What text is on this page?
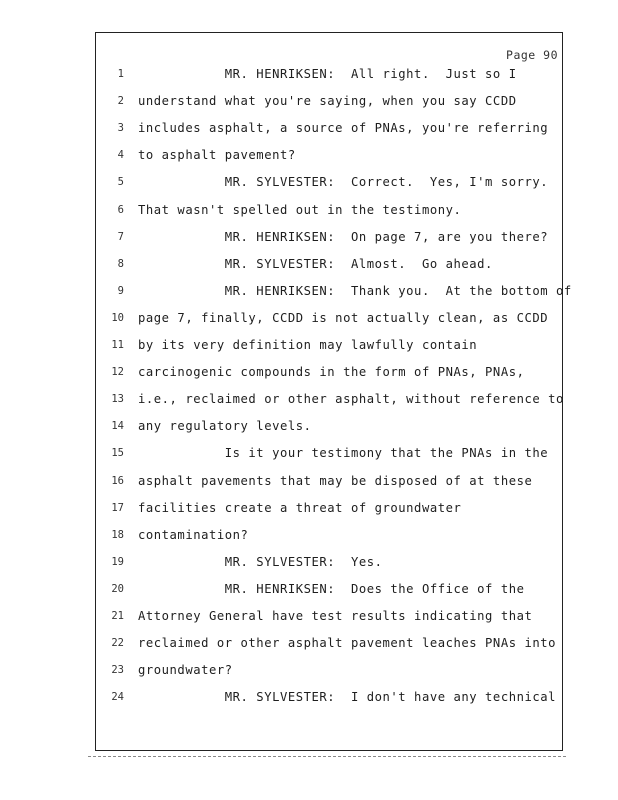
Page 90
1 MR. HENRIKSEN:  All right.  Just so I
2 understand what you're saying, when you say CCDD
3 includes asphalt, a source of PNAs, you're referring
4 to asphalt pavement?
5 MR. SYLVESTER:  Correct.  Yes, I'm sorry.
6 That wasn't spelled out in the testimony.
7 MR. HENRIKSEN:  On page 7, are you there?
8 MR. SYLVESTER:  Almost.  Go ahead.
9 MR. HENRIKSEN:  Thank you.  At the bottom of
10 page 7, finally, CCDD is not actually clean, as CCDD
11 by its very definition may lawfully contain
12 carcinogenic compounds in the form of PNAs, PNAs,
13 i.e., reclaimed or other asphalt, without reference to
14 any regulatory levels.
15 Is it your testimony that the PNAs in the
16 asphalt pavements that may be disposed of at these
17 facilities create a threat of groundwater
18 contamination?
19 MR. SYLVESTER:  Yes.
20 MR. HENRIKSEN:  Does the Office of the
21 Attorney General have test results indicating that
22 reclaimed or other asphalt pavement leaches PNAs into
23 groundwater?
24 MR. SYLVESTER:  I don't have any technical
